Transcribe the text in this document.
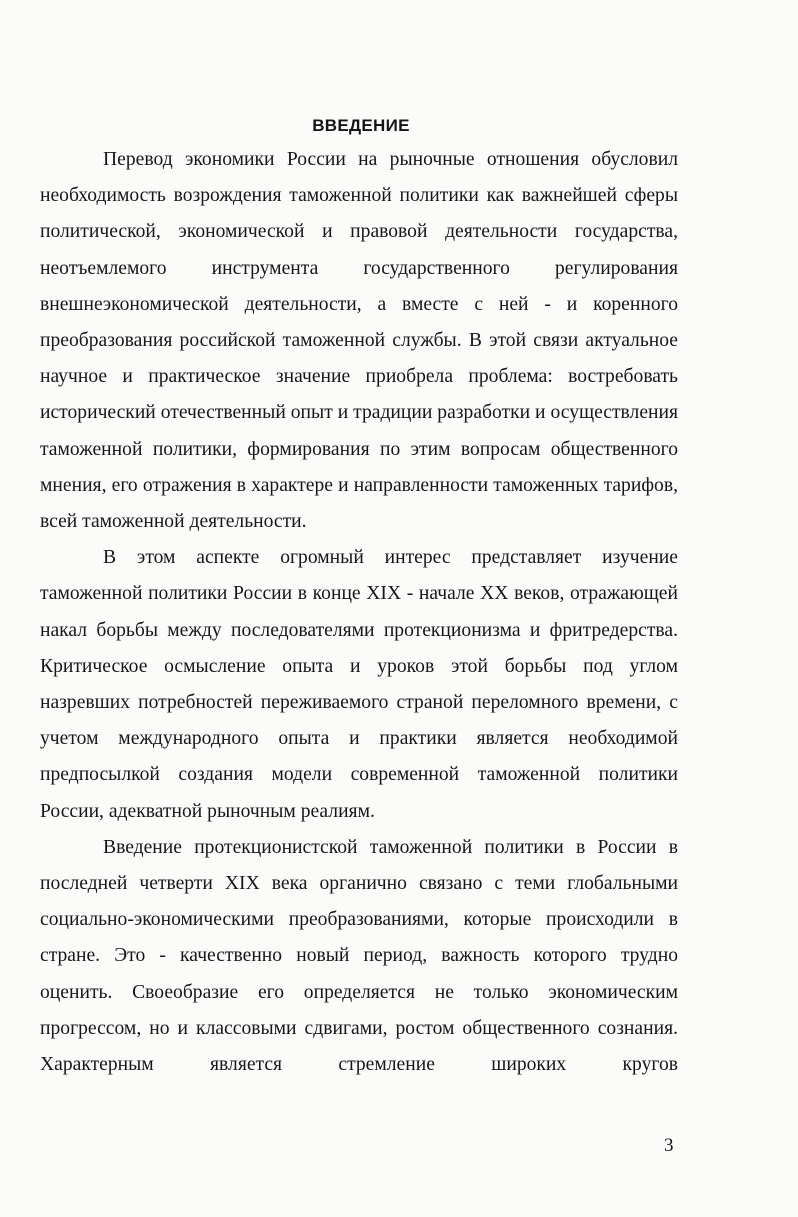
ВВЕДЕНИЕ

Перевод экономики России на рыночные отношения обусловил необходимость возрождения таможенной политики как важнейшей сферы политической, экономической и правовой деятельности государства, неотъемлемого инструмента государственного регулирования внешнеэкономической деятельности, а вместе с ней - и коренного преобразования российской таможенной службы. В этой связи актуальное научное и практическое значение приобрела проблема: востребовать исторический отечественный опыт и традиции разработки и осуществления таможенной политики, формирования по этим вопросам общественного мнения, его отражения в характере и направленности таможенных тарифов, всей таможенной деятельности.

В этом аспекте огромный интерес представляет изучение таможенной политики России в конце XIX - начале XX веков, отражающей накал борьбы между последователями протекционизма и фритредерства. Критическое осмысление опыта и уроков этой борьбы под углом назревших потребностей переживаемого страной переломного времени, с учетом международного опыта и практики является необходимой предпосылкой создания модели современной таможенной политики России, адекватной рыночным реалиям.

Введение протекционистской таможенной политики в России в последней четверти XIX века органично связано с теми глобальными социально-экономическими преобразованиями, которые происходили в стране. Это - качественно новый период, важность которого трудно оценить. Своеобразие его определяется не только экономическим прогрессом, но и классовыми сдвигами, ростом общественного сознания. Характерным является стремление широких кругов

3
